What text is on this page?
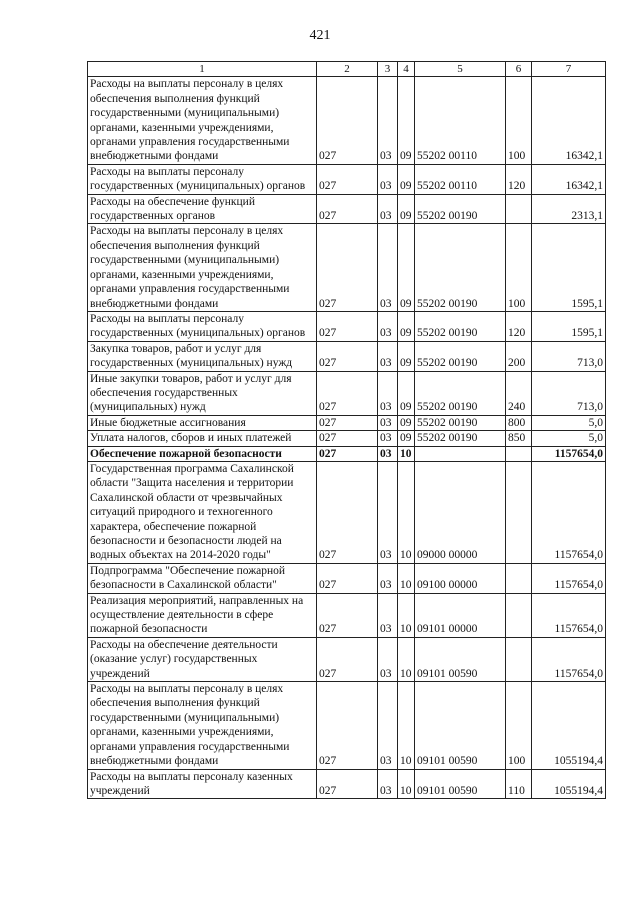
421
1	2	3	4	5	6	7
Расходы на выплаты персоналу в целях обеспечения выполнения функций государственными (муниципальными) органами, казенными учреждениями, органами управления государственными внебюджетными фондами	027	03	09	55202 00110	100	16342,1
Расходы на выплаты персоналу государственных (муниципальных) органов	027	03	09	55202 00110	120	16342,1
Расходы на обеспечение функций государственных органов	027	03	09	55202 00190		2313,1
Расходы на выплаты персоналу в целях обеспечения выполнения функций государственными (муниципальными) органами, казенными учреждениями, органами управления государственными внебюджетными фондами	027	03	09	55202 00190	100	1595,1
Расходы на выплаты персоналу государственных (муниципальных) органов	027	03	09	55202 00190	120	1595,1
Закупка товаров, работ и услуг для государственных (муниципальных) нужд	027	03	09	55202 00190	200	713,0
Иные закупки товаров, работ и услуг для обеспечения государственных (муниципальных) нужд	027	03	09	55202 00190	240	713,0
Иные бюджетные ассигнования	027	03	09	55202 00190	800	5,0
Уплата налогов, сборов и иных платежей	027	03	09	55202 00190	850	5,0
Обеспечение пожарной безопасности	027	03	10			1157654,0
Государственная программа Сахалинской области "Защита населения и территории Сахалинской области от чрезвычайных ситуаций природного и техногенного характера, обеспечение пожарной безопасности и безопасности людей на водных объектах на 2014-2020 годы"	027	03	10	09000 00000		1157654,0
Подпрограмма "Обеспечение пожарной безопасности в Сахалинской области"	027	03	10	09100 00000		1157654,0
Реализация мероприятий, направленных на осуществление деятельности в сфере пожарной безопасности	027	03	10	09101 00000		1157654,0
Расходы на обеспечение деятельности (оказание услуг) государственных учреждений	027	03	10	09101 00590		1157654,0
Расходы на выплаты персоналу в целях обеспечения выполнения функций государственными (муниципальными) органами, казенными учреждениями, органами управления государственными внебюджетными фондами	027	03	10	09101 00590	100	1055194,4
Расходы на выплаты персоналу казенных учреждений	027	03	10	09101 00590	110	1055194,4
